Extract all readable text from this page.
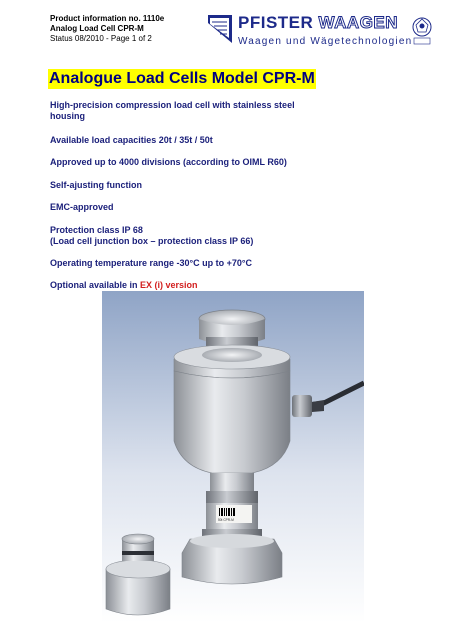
Product information no. 1110e
Analog Load Cell CPR-M
Status 08/2010 - Page 1 of 2
PFISTER WAAGEN
Waagen und Wägetechnologien
Analogue Load Cells Model CPR-M
High-precision compression load cell with stainless steel
housing
Available load capacities 20t / 35t / 50t
Approved up to 4000 divisions (according to OIML R60)
Self-ajusting function
EMC-approved
Protection class IP 68
(Load cell junction box – protection class IP 66)
Operating temperature range -30°C up to +70°C
Optional available in EX (i) version
50t CPR-M
